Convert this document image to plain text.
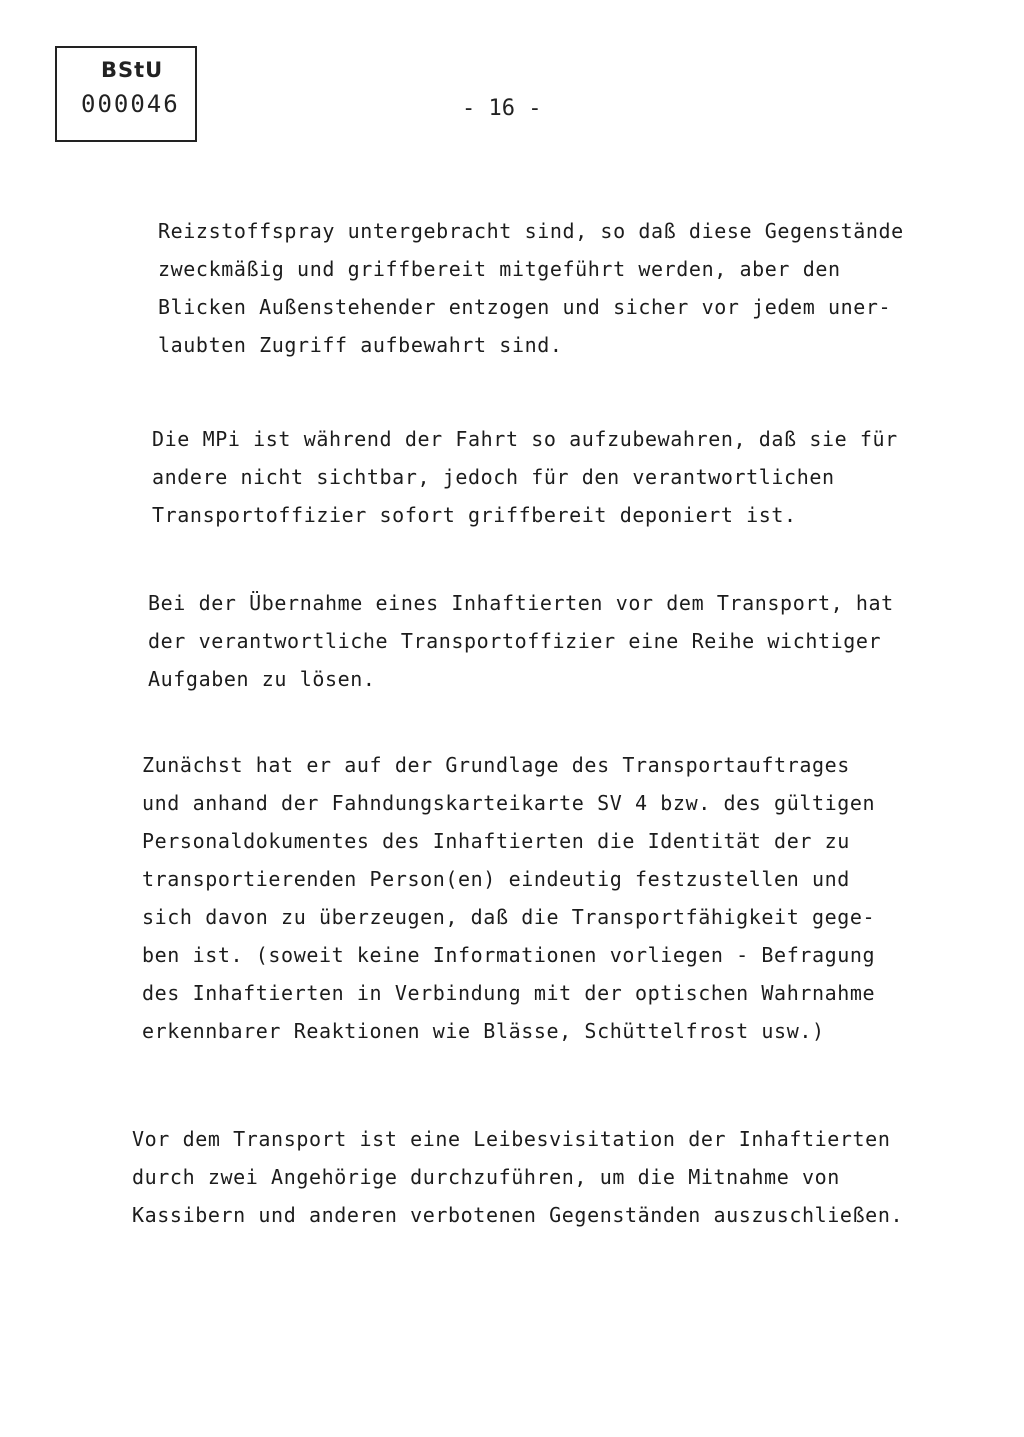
BStU
000046	- 16 -
Reizstoffspray untergebracht sind, so daß diese Gegenstände
zweckmäßig und griffbereit mitgeführt werden, aber den
Blicken Außenstehender entzogen und sicher vor jedem uner-
laubten Zugriff aufbewahrt sind.
Die MPi ist während der Fahrt so aufzubewahren, daß sie für
andere nicht sichtbar, jedoch für den verantwortlichen
Transportoffizier sofort griffbereit deponiert ist.
Bei der Übernahme eines Inhaftierten vor dem Transport, hat
der verantwortliche Transportoffizier eine Reihe wichtiger
Aufgaben zu lösen.
Zunächst hat er auf der Grundlage des Transportauftrages
und anhand der Fahndungskarteikarte SV 4 bzw. des gültigen
Personaldokumentes des Inhaftierten die Identität der zu
transportierenden Person(en) eindeutig festzustellen und
sich davon zu überzeugen, daß die Transportfähigkeit gege-
ben ist. (soweit keine Informationen vorliegen - Befragung
des Inhaftierten in Verbindung mit der optischen Wahrnahme
erkennbarer Reaktionen wie Blässe, Schüttelfrost usw.)
Vor dem Transport ist eine Leibesvisitation der Inhaftierten
durch zwei Angehörige durchzuführen, um die Mitnahme von
Kassibern und anderen verbotenen Gegenständen auszuschließen.
